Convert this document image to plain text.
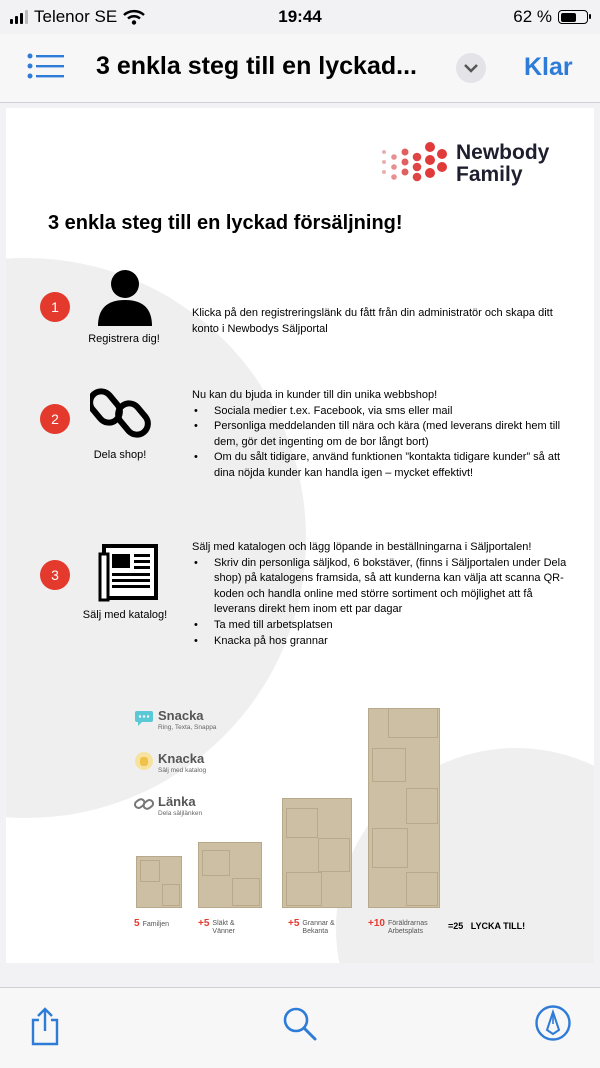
Telenor SE	19:44	62 %
3 enkla steg till en lyckad...	Klar
Newbody
Family
3 enkla steg till en lyckad försäljning!
1
Registrera dig!
Klicka på den registreringslänk du fått från din administratör och skapa ditt konto i Newbodys Säljportal
2
Dela shop!
Nu kan du bjuda in kunder till din unika webbshop!
• Sociala medier t.ex. Facebook, via sms eller mail
• Personliga meddelanden till nära och kära (med leverans direkt hem till dem, gör det ingenting om de bor långt bort)
• Om du sålt tidigare, använd funktionen ”kontakta tidigare kunder” så att dina nöjda kunder kan handla igen – mycket effektivt!
3
Sälj med katalog!
Sälj med katalogen och lägg löpande in beställningarna i Säljportalen!
• Skriv din personliga säljkod, 6 bokstäver, (finns i Säljportalen under Dela shop) på katalogens framsida, så att kunderna kan välja att scanna QR-koden och handla online med större sortiment och möjlighet att få leverans direkt hem inom ett par dagar
• Ta med till arbetsplatsen
• Knacka på hos grannar
Snacka
Ring, Texta, Snappa
Knacka
Sälj med katalog
Länka
Dela säljlänken
5 Familjen	+5 Släkt &
Vänner
+5 Grannar &
Bekanta
+10 Föräldrarnas
Arbetsplats
=25 LYCKA TILL!
